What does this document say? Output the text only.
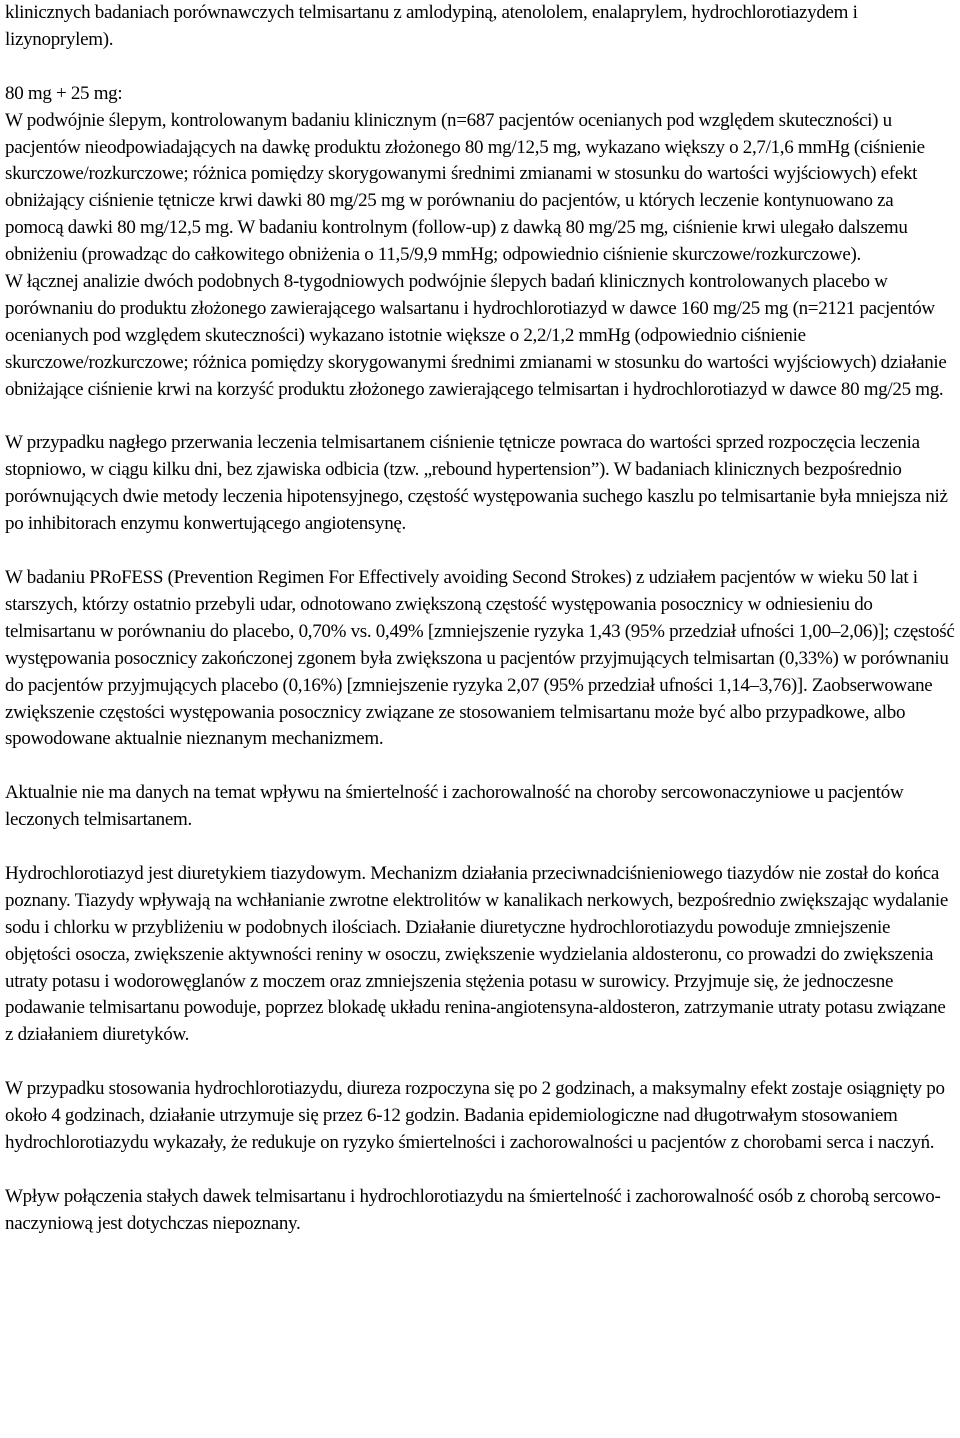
klinicznych badaniach porównawczych telmisartanu z amlodypiną, atenololem, enalaprylem, hydrochlorotiazydem i lizynoprylem).

80 mg + 25 mg:

W podwójnie ślepym, kontrolowanym badaniu klinicznym (n=687 pacjentów ocenianych pod względem skuteczności) u pacjentów nieodpowiadających na dawkę produktu złożonego 80 mg/12,5 mg, wykazano większy o 2,7/1,6 mmHg (ciśnienie skurczowe/rozkurczowe; różnica pomiędzy skorygowanymi średnimi zmianami w stosunku do wartości wyjściowych) efekt obniżający ciśnienie tętnicze krwi dawki 80 mg/25 mg w porównaniu do pacjentów, u których leczenie kontynuowano za pomocą dawki 80 mg/12,5 mg. W badaniu kontrolnym (follow-up) z dawką 80 mg/25 mg, ciśnienie krwi ulegało dalszemu obniżeniu (prowadząc do całkowitego obniżenia o 11,5/9,9 mmHg; odpowiednio ciśnienie skurczowe/rozkurczowe).

W łącznej analizie dwóch podobnych 8-tygodniowych podwójnie ślepych badań klinicznych kontrolowanych placebo w porównaniu do produktu złożonego zawierającego walsartanu i hydrochlorotiazyd w dawce 160 mg/25 mg (n=2121 pacjentów ocenianych pod względem skuteczności) wykazano istotnie większe o 2,2/1,2 mmHg (odpowiednio ciśnienie skurczowe/rozkurczowe; różnica pomiędzy skorygowanymi średnimi zmianami w stosunku do wartości wyjściowych) działanie obniżające ciśnienie krwi na korzyść produktu złożonego zawierającego telmisartan i hydrochlorotiazyd w dawce 80 mg/25 mg.

W przypadku nagłego przerwania leczenia telmisartanem ciśnienie tętnicze powraca do wartości sprzed rozpoczęcia leczenia stopniowo, w ciągu kilku dni, bez zjawiska odbicia (tzw. „rebound hypertension”). W badaniach klinicznych bezpośrednio porównujących dwie metody leczenia hipotensyjnego, częstość występowania suchego kaszlu po telmisartanie była mniejsza niż po inhibitorach enzymu konwertującego angiotensynę.

W badaniu PRoFESS (Prevention Regimen For Effectively avoiding Second Strokes) z udziałem pacjentów w wieku 50 lat i starszych, którzy ostatnio przebyli udar, odnotowano zwiększoną częstość występowania posocznicy w odniesieniu do telmisartanu w porównaniu do placebo, 0,70% vs. 0,49% [zmniejszenie ryzyka 1,43 (95% przedział ufności 1,00–2,06)]; częstość występowania posocznicy zakończonej zgonem była zwiększona u pacjentów przyjmujących telmisartan (0,33%) w porównaniu do pacjentów przyjmujących placebo (0,16%) [zmniejszenie ryzyka 2,07 (95% przedział ufności 1,14–3,76)]. Zaobserwowane zwiększenie częstości występowania posocznicy związane ze stosowaniem telmisartanu może być albo przypadkowe, albo spowodowane aktualnie nieznanym mechanizmem.

Aktualnie nie ma danych na temat wpływu na śmiertelność i zachorowalność na choroby sercowonaczyniowe u pacjentów leczonych telmisartanem.

Hydrochlorotiazyd jest diuretykiem tiazydowym. Mechanizm działania przeciwnadciśnieniowego tiazydów nie został do końca poznany. Tiazydy wpływają na wchłanianie zwrotne elektrolitów w kanalikach nerkowych, bezpośrednio zwiększając wydalanie sodu i chlorku w przybliżeniu w podobnych ilościach. Działanie diuretyczne hydrochlorotiazydu powoduje zmniejszenie objętości osocza, zwiększenie aktywności reniny w osoczu, zwiększenie wydzielania aldosteronu, co prowadzi do zwiększenia utraty potasu i wodorowęglanów z moczem oraz zmniejszenia stężenia potasu w surowicy. Przyjmuje się, że jednoczesne podawanie telmisartanu powoduje, poprzez blokadę układu renina-angiotensyna-aldosteron, zatrzymanie utraty potasu związane z działaniem diuretyków.

W przypadku stosowania hydrochlorotiazydu, diureza rozpoczyna się po 2 godzinach, a maksymalny efekt zostaje osiągnięty po około 4 godzinach, działanie utrzymuje się przez 6-12 godzin. Badania epidemiologiczne nad długotrwałym stosowaniem hydrochlorotiazydu wykazały, że redukuje on ryzyko śmiertelności i zachorowalności u pacjentów z chorobami serca i naczyń.

Wpływ połączenia stałych dawek telmisartanu i hydrochlorotiazydu na śmiertelność i zachorowalność osób z chorobą sercowo-naczyniową jest dotychczas niepoznany.
